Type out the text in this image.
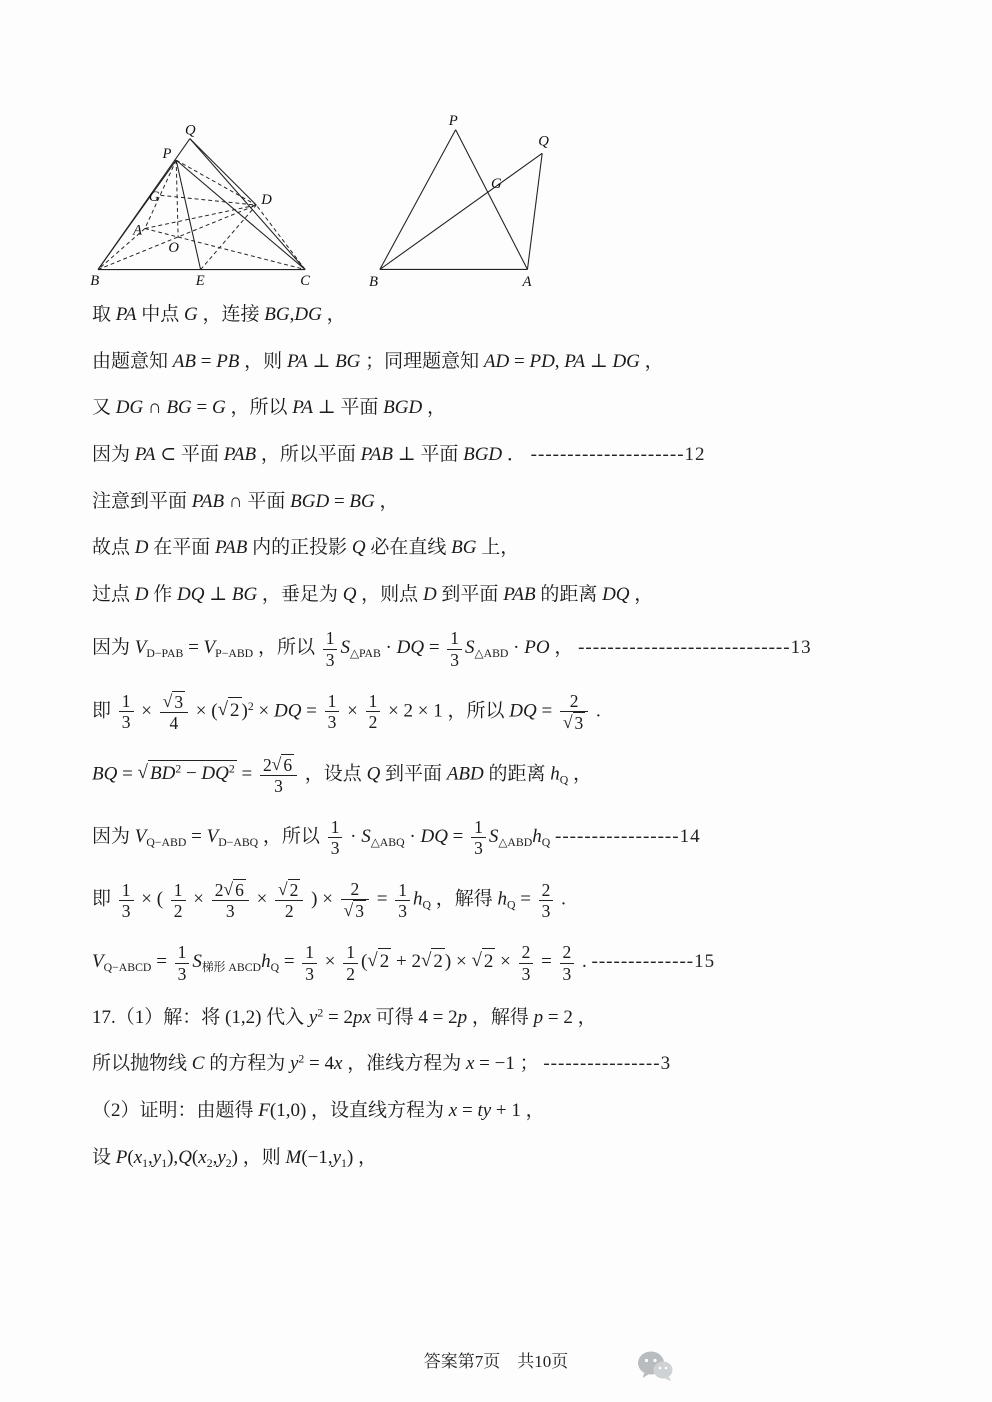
Q
P
G
A
D
O
B	E	C
P
Q
G
B	A
取 PA 中点 G ，连接 BG,DG ，
由题意知 AB = PB ，则 PA ⊥ BG ；同理题意知 AD = PD, PA ⊥ DG ，
又 DG ∩ BG = G ，所以 PA ⊥ 平面 BGD ，
因为 PA ⊂ 平面 PAB ，所以平面 PAB ⊥ 平面 BGD ． ---------------------12
注意到平面 PAB ∩ 平面 BGD = BG ，
故点 D 在平面 PAB 内的正投影 Q 必在直线 BG 上，
过点 D 作 DQ ⊥ BG ，垂足为 Q ，则点 D 到平面 PAB 的距离 DQ ，
因为 $V_{D-PAB} = V_{P-ABD}$ ，所以 $\frac{1}{3} S_{\triangle PAB}$ · DQ = $\frac{1}{3} S_{\triangle ABD}$ · PO ， -----------------------------13
即 $\frac{1}{3} \times \frac{√ 3}{4}$ × (√ 2 )$^2$ × DQ = $\frac{1}{3} \times \frac{1}{2} \times 2 \times 1$ ，所以 DQ = $\frac{2}{√ 3}$ .
BQ = √ $BD^2 - DQ^2 = \frac{2√ 6}{3}$ ，设点 Q 到平面 ABD 的距离 $h_Q$ ，
因为 $V_{Q-ABD} = V_{D-ABQ}$ ，所以 $\frac{1}{3} \cdot S_{\triangle ABQ}$ · DQ = $\frac{1}{3} S_{\triangle ABD}h_Q$ -----------------14
即 $\frac{1}{3}$ × ( $\frac{1}{2} \times \frac{2√ 6}{3} \times \frac{√ 2}{2}$ ) × $\frac{2}{√ 3} = \frac{1}{3} h_Q$ ，解得 $h_Q = \frac{2}{3}$ .
$V_{Q-ABCD} = \frac{1}{3} S_{梯形 ABCD}h_Q = \frac{1}{3} \times \frac{1}{2}$ (√ 2 + 2√ 2 ) × √ $2 \times \frac{2}{3} = \frac{2}{3}$ . --------------15
17.（1）解：将 (1,2) 代入 $y^2 = 2px$ 可得 4 = 2p ，解得 p = 2 ，
所以抛物线 C 的方程为 $y^2 = 4x$ ，准线方程为 x = −1 ； ----------------3
（2）证明：由题得 F(1,0) ，设直线方程为 x = ty + 1 ，
设 $P(x_1,y_1),Q(x_2,y_2)$ ，则 $M(-1,y_1)$ ，
答案第7页　共10页
